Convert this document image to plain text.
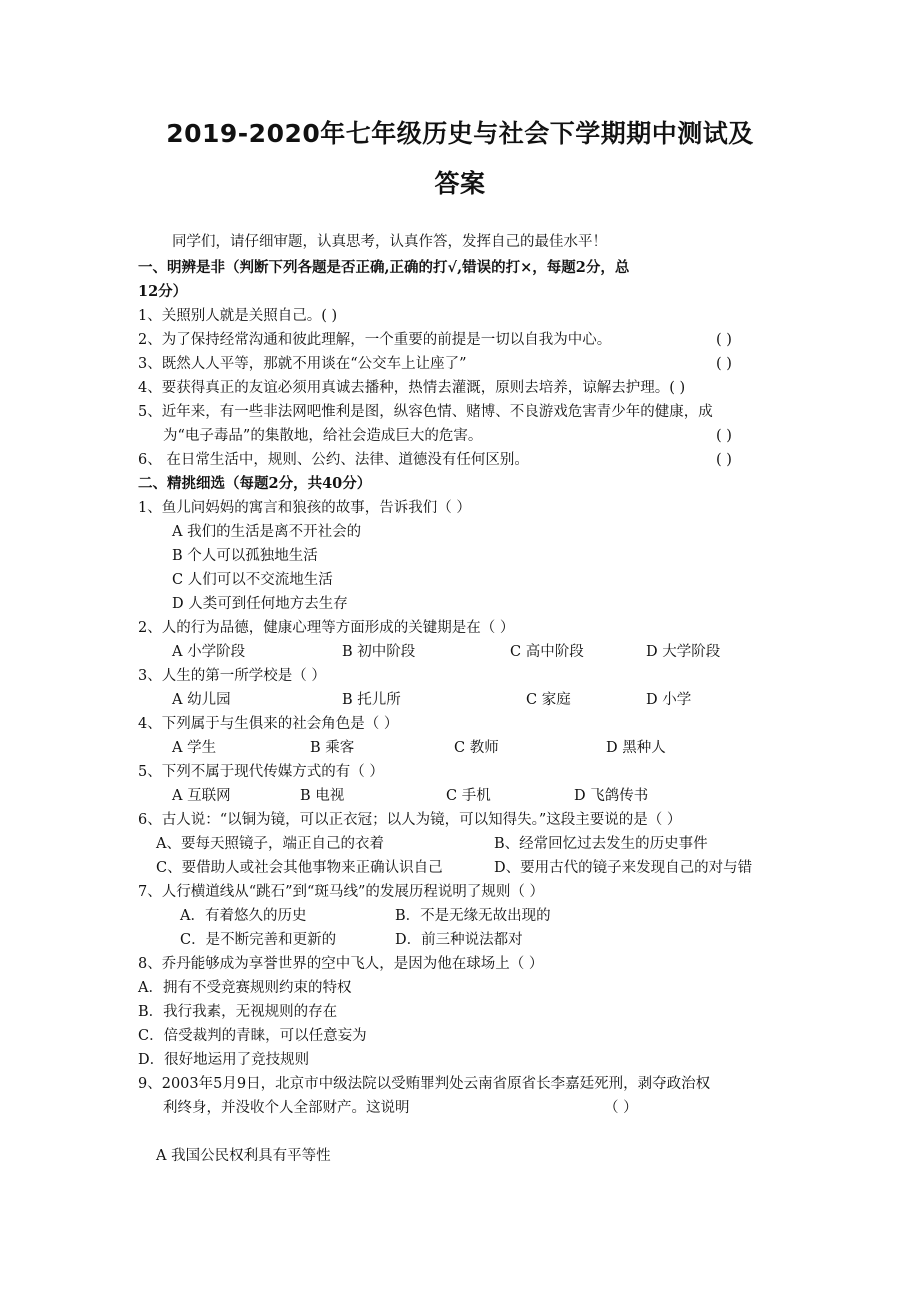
2019-2020年七年级历史与社会下学期期中测试及
答案
同学们，请仔细审题，认真思考，认真作答，发挥自己的最佳水平！
一、明辨是非（判断下列各题是否正确,正确的打√,错误的打×，每题2分，总
12分）
1、关照别人就是关照自己。( )
2、为了保持经常沟通和彼此理解，一个重要的前提是一切以自我为中心。	( )
3、既然人人平等，那就不用谈在“公交车上让座了”	( )
4、要获得真正的友谊必须用真诚去播种，热情去灌溉，原则去培养，谅解去护理。( )
5、近年来，有一些非法网吧惟利是图，纵容色情、赌博、不良游戏危害青少年的健康，成
为“电子毒品”的集散地，给社会造成巨大的危害。	( )
6、 在日常生活中，规则、公约、法律、道德没有任何区别。	( )
二、精挑细选（每题2分，共40分）
1、鱼儿问妈妈的寓言和狼孩的故事，告诉我们（ ）
A 我们的生活是离不开社会的
B 个人可以孤独地生活
C 人们可以不交流地生活
D 人类可到任何地方去生存
2、人的行为品德，健康心理等方面形成的关键期是在（ ）
A 小学阶段	B 初中阶段	C 高中阶段	D 大学阶段
3、人生的第一所学校是（ ）
A 幼儿园	B 托儿所	C 家庭	D 小学
4、下列属于与生俱来的社会角色是（ ）
A 学生	B 乘客	C 教师	D 黑种人
5、下列不属于现代传媒方式的有（ ）
A 互联网	B 电视	C 手机	D 飞鸽传书
6、古人说：“以铜为镜，可以正衣冠；以人为镜，可以知得失。”这段主要说的是（ ）
A、要每天照镜子，端正自己的衣着	B、经常回忆过去发生的历史事件
C、要借助人或社会其他事物来正确认识自己	D、要用古代的镜子来发现自己的对与错
7、人行横道线从“跳石”到“斑马线”的发展历程说明了规则（ ）
A．有着悠久的历史	B．不是无缘无故出现的
C．是不断完善和更新的	D．前三种说法都对
8、乔丹能够成为享誉世界的空中飞人，是因为他在球场上（ ）
A．拥有不受竞赛规则约束的特权
B．我行我素，无视规则的存在
C．倍受裁判的青睐，可以任意妄为
D．很好地运用了竞技规则
9、2003年5月9日，北京市中级法院以受贿罪判处云南省原省长李嘉廷死刑，剥夺政治权
利终身，并没收个人全部财产。这说明	（ ）
A 我国公民权利具有平等性
